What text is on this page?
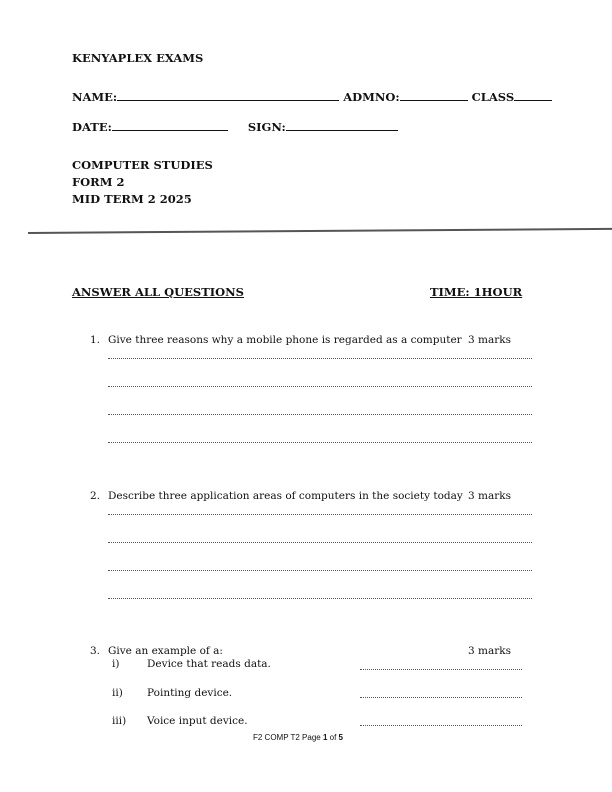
KENYAPLEX EXAMS
NAME:	ADMNO:	CLASS
DATE:	SIGN:
COMPUTER STUDIES
FORM 2
MID TERM 2 2025
ANSWER ALL QUESTIONS	TIME: 1HOUR
1. Give three reasons why a mobile phone is regarded as a computer 3 marks
2. Describe three application areas of computers in the society today 3 marks
3. Give an example of a:	3 marks
i)	Device that reads data.
ii) Pointing device.
iii) Voice input device.
F2 COMP T2 Page 1 of 5
